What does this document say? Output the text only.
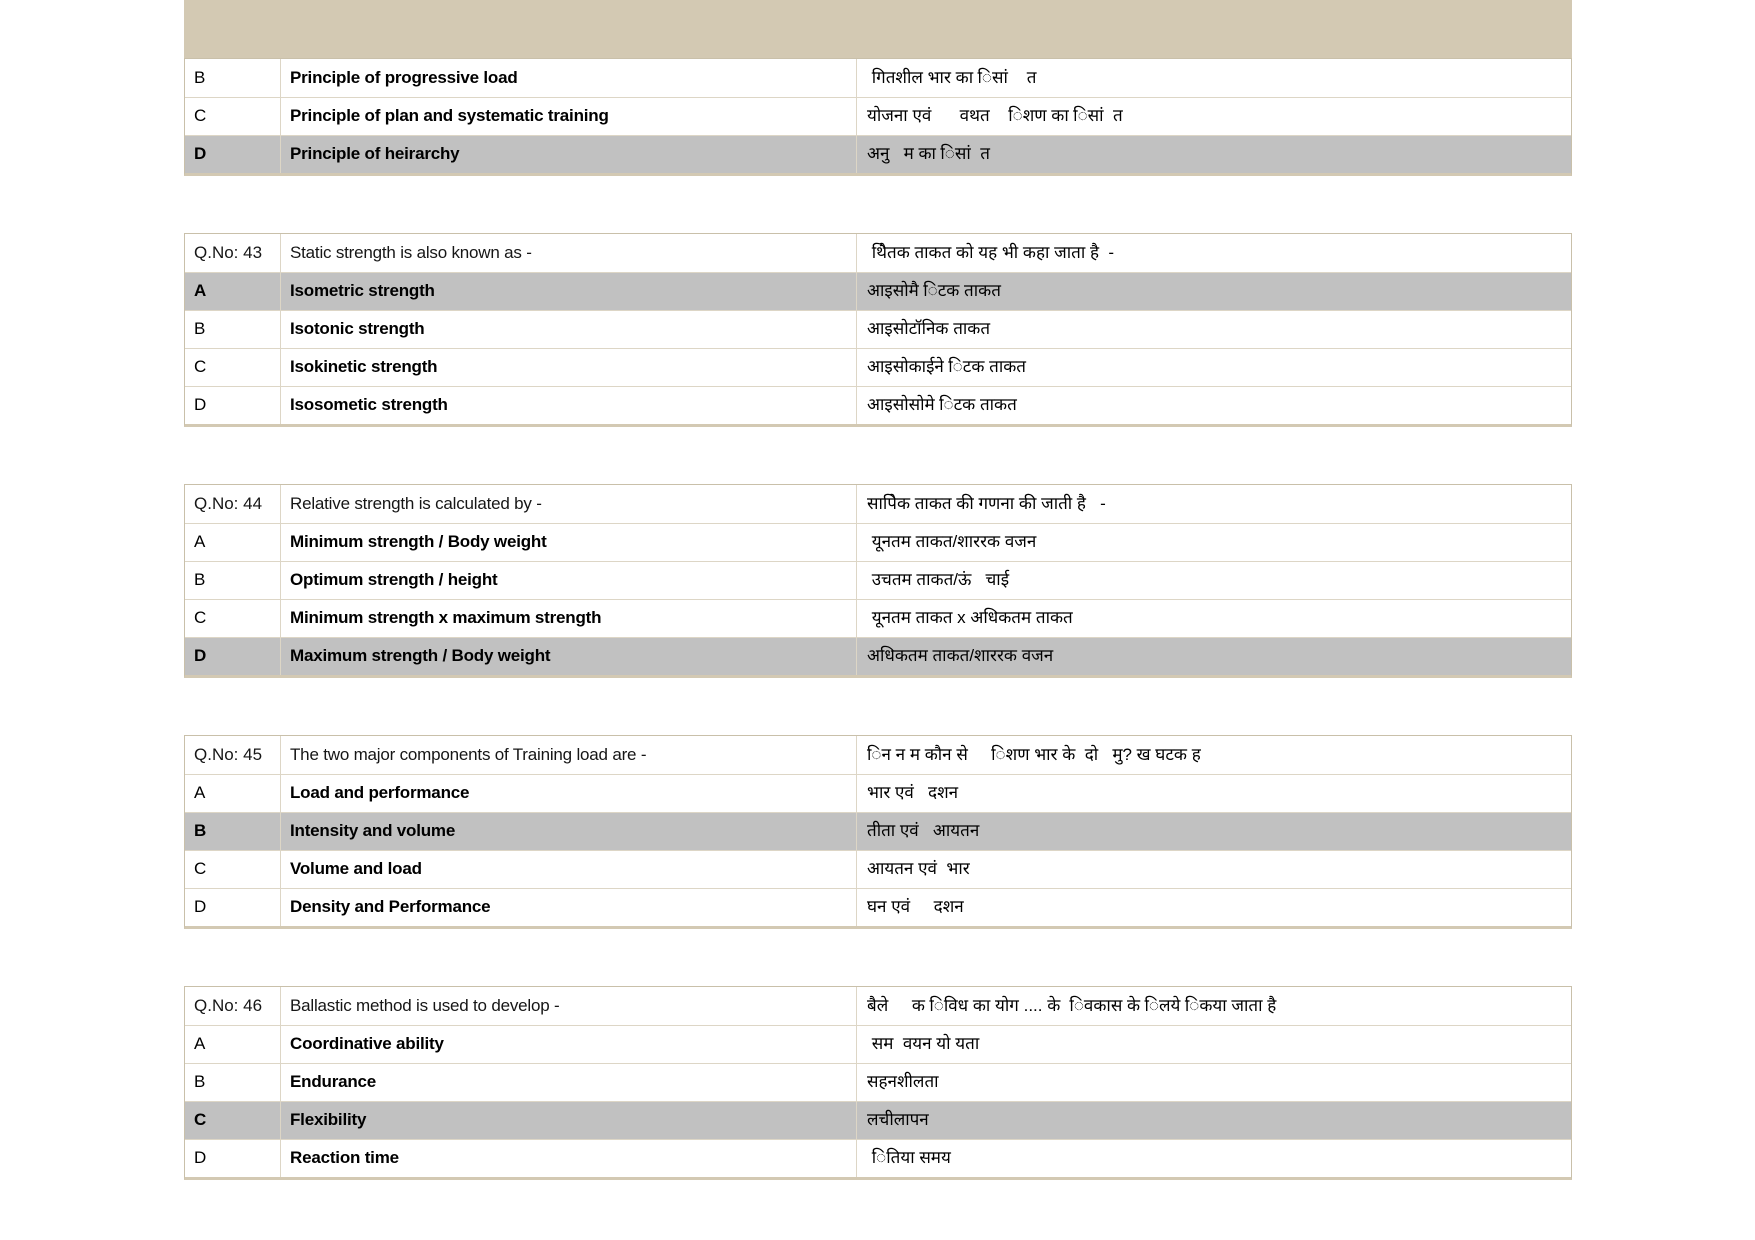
B	Principle of progressive load	गितशील भार का िसां    त
C	Principle of plan and systematic training	योजना एवं      वथत    िशण का िसां  त
D	Principle of heirarchy	अनु   म का िसां  त
Q.No: 43	Static strength is also known as -	थैितक ताकत को यह भी कहा जाता है  -
A	Isometric strength	आइसोमै िटक ताकत
B	Isotonic strength	आइसोटॉनिक ताकत
C	Isokinetic strength	आइसोकाईने िटक ताकत
D	Isosometic strength	आइसोसोमे िटक ताकत
Q.No: 44	Relative strength is calculated by -	सापेिक ताकत की गणना की जाती है   -
A	Minimum strength / Body weight	यूनतम ताकत/शाररक वजन
B	Optimum strength / height	उचतम ताकत/ऊं   चाई
C	Minimum strength x maximum strength	यूनतम ताकत x अधिकतम ताकत
D	Maximum strength / Body weight	अधिकतम ताकत/शाररक वजन
Q.No: 45	The two major components of Training load are -	िन न म कौन से     िशण भार के  दो   मु? ख घटक ह
A	Load and performance	भार एवं   दशन
B	Intensity and volume	तीता एवं   आयतन
C	Volume and load	आयतन एवं  भार
D	Density and Performance	घन एवं     दशन
Q.No: 46	Ballastic method is used to develop -	बैले     क िविध का योग .... के  िवकास के िलये िकया जाता है
A	Coordinative ability	सम  वयन यो यता
B	Endurance	सहनशीलता
C	Flexibility	लचीलापन
D	Reaction time	ितिया समय
